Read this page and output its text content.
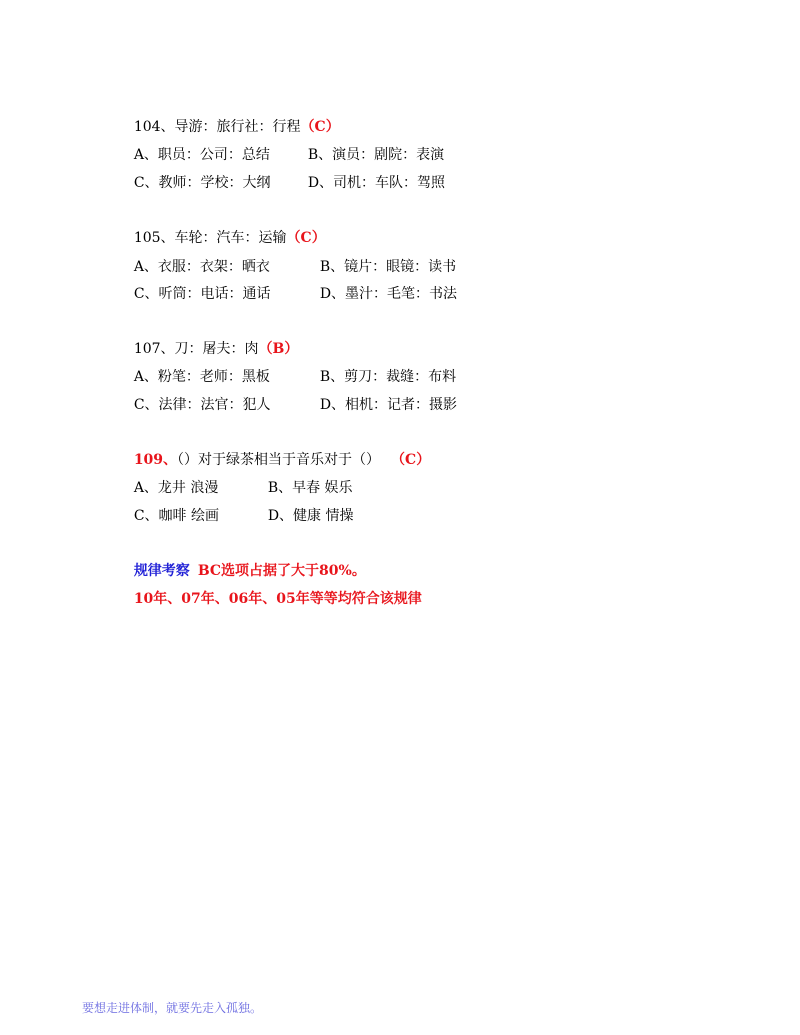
104、导游：旅行社：行程（C）

A、职员：公司：总结
	B、演员：剧院：表演

C、教师：学校：大纲
	D、司机：车队：驾照

105、车轮：汽车：运输（C）

A、衣服：衣架：晒衣
	B、镜片：眼镜：读书

C、听筒：电话：通话
	D、墨汁：毛笔：书法

107、刀：屠夫：肉（B）

A、粉笔：老师：黑板
	B、剪刀：裁缝：布料

C、法律：法官：犯人
	D、相机：记者：摄影

109、（）对于绿茶相当于音乐对于（） （C）

A、龙井 浪漫
	B、早春 娱乐

C、咖啡 绘画
	D、健康 情操

规律考察 BC选项占据了大于80%。

10年、07年、06年、05年等等均符合该规律

要想走进体制，就要先走入孤独。
